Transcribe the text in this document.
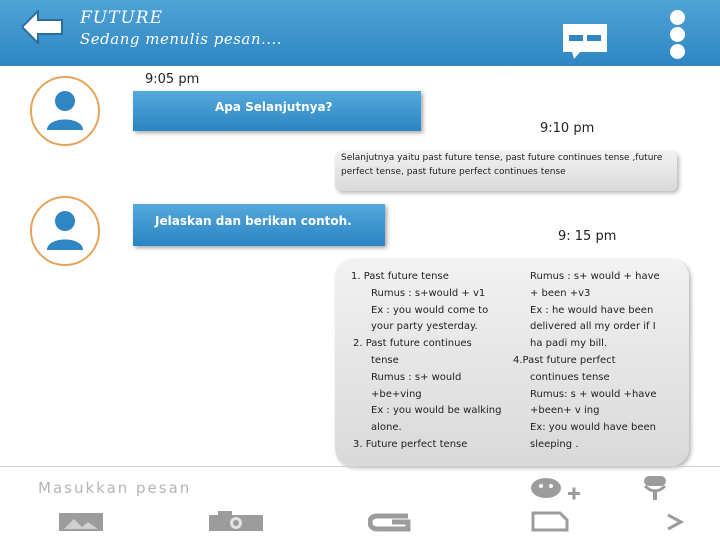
FUTURE
Sedang menulis pesan....
9:05 pm
Apa Selanjutnya?
9:10 pm

Selanjutnya yaitu past future tense, past future continues tense ,future

perfect tense, past future perfect continues tense

Jelaskan dan berikan contoh.
9: 15 pm
1. Past future tense
Rumus : s+would + v1
Ex : you would come to
your party yesterday.
2. Past future continues
tense
Rumus : s+ would
+be+ving
Ex : you would be walking
alone.
3. Future perfect tense
Rumus : s+ would + have
+ been +v3
Ex : he would have been
delivered all my order if I
ha padi my bill.
4.Past future perfect
continues tense
Rumus: s + would +have
+been+ v ing
Ex: you would have been
sleeping .
Masukkan pesan
